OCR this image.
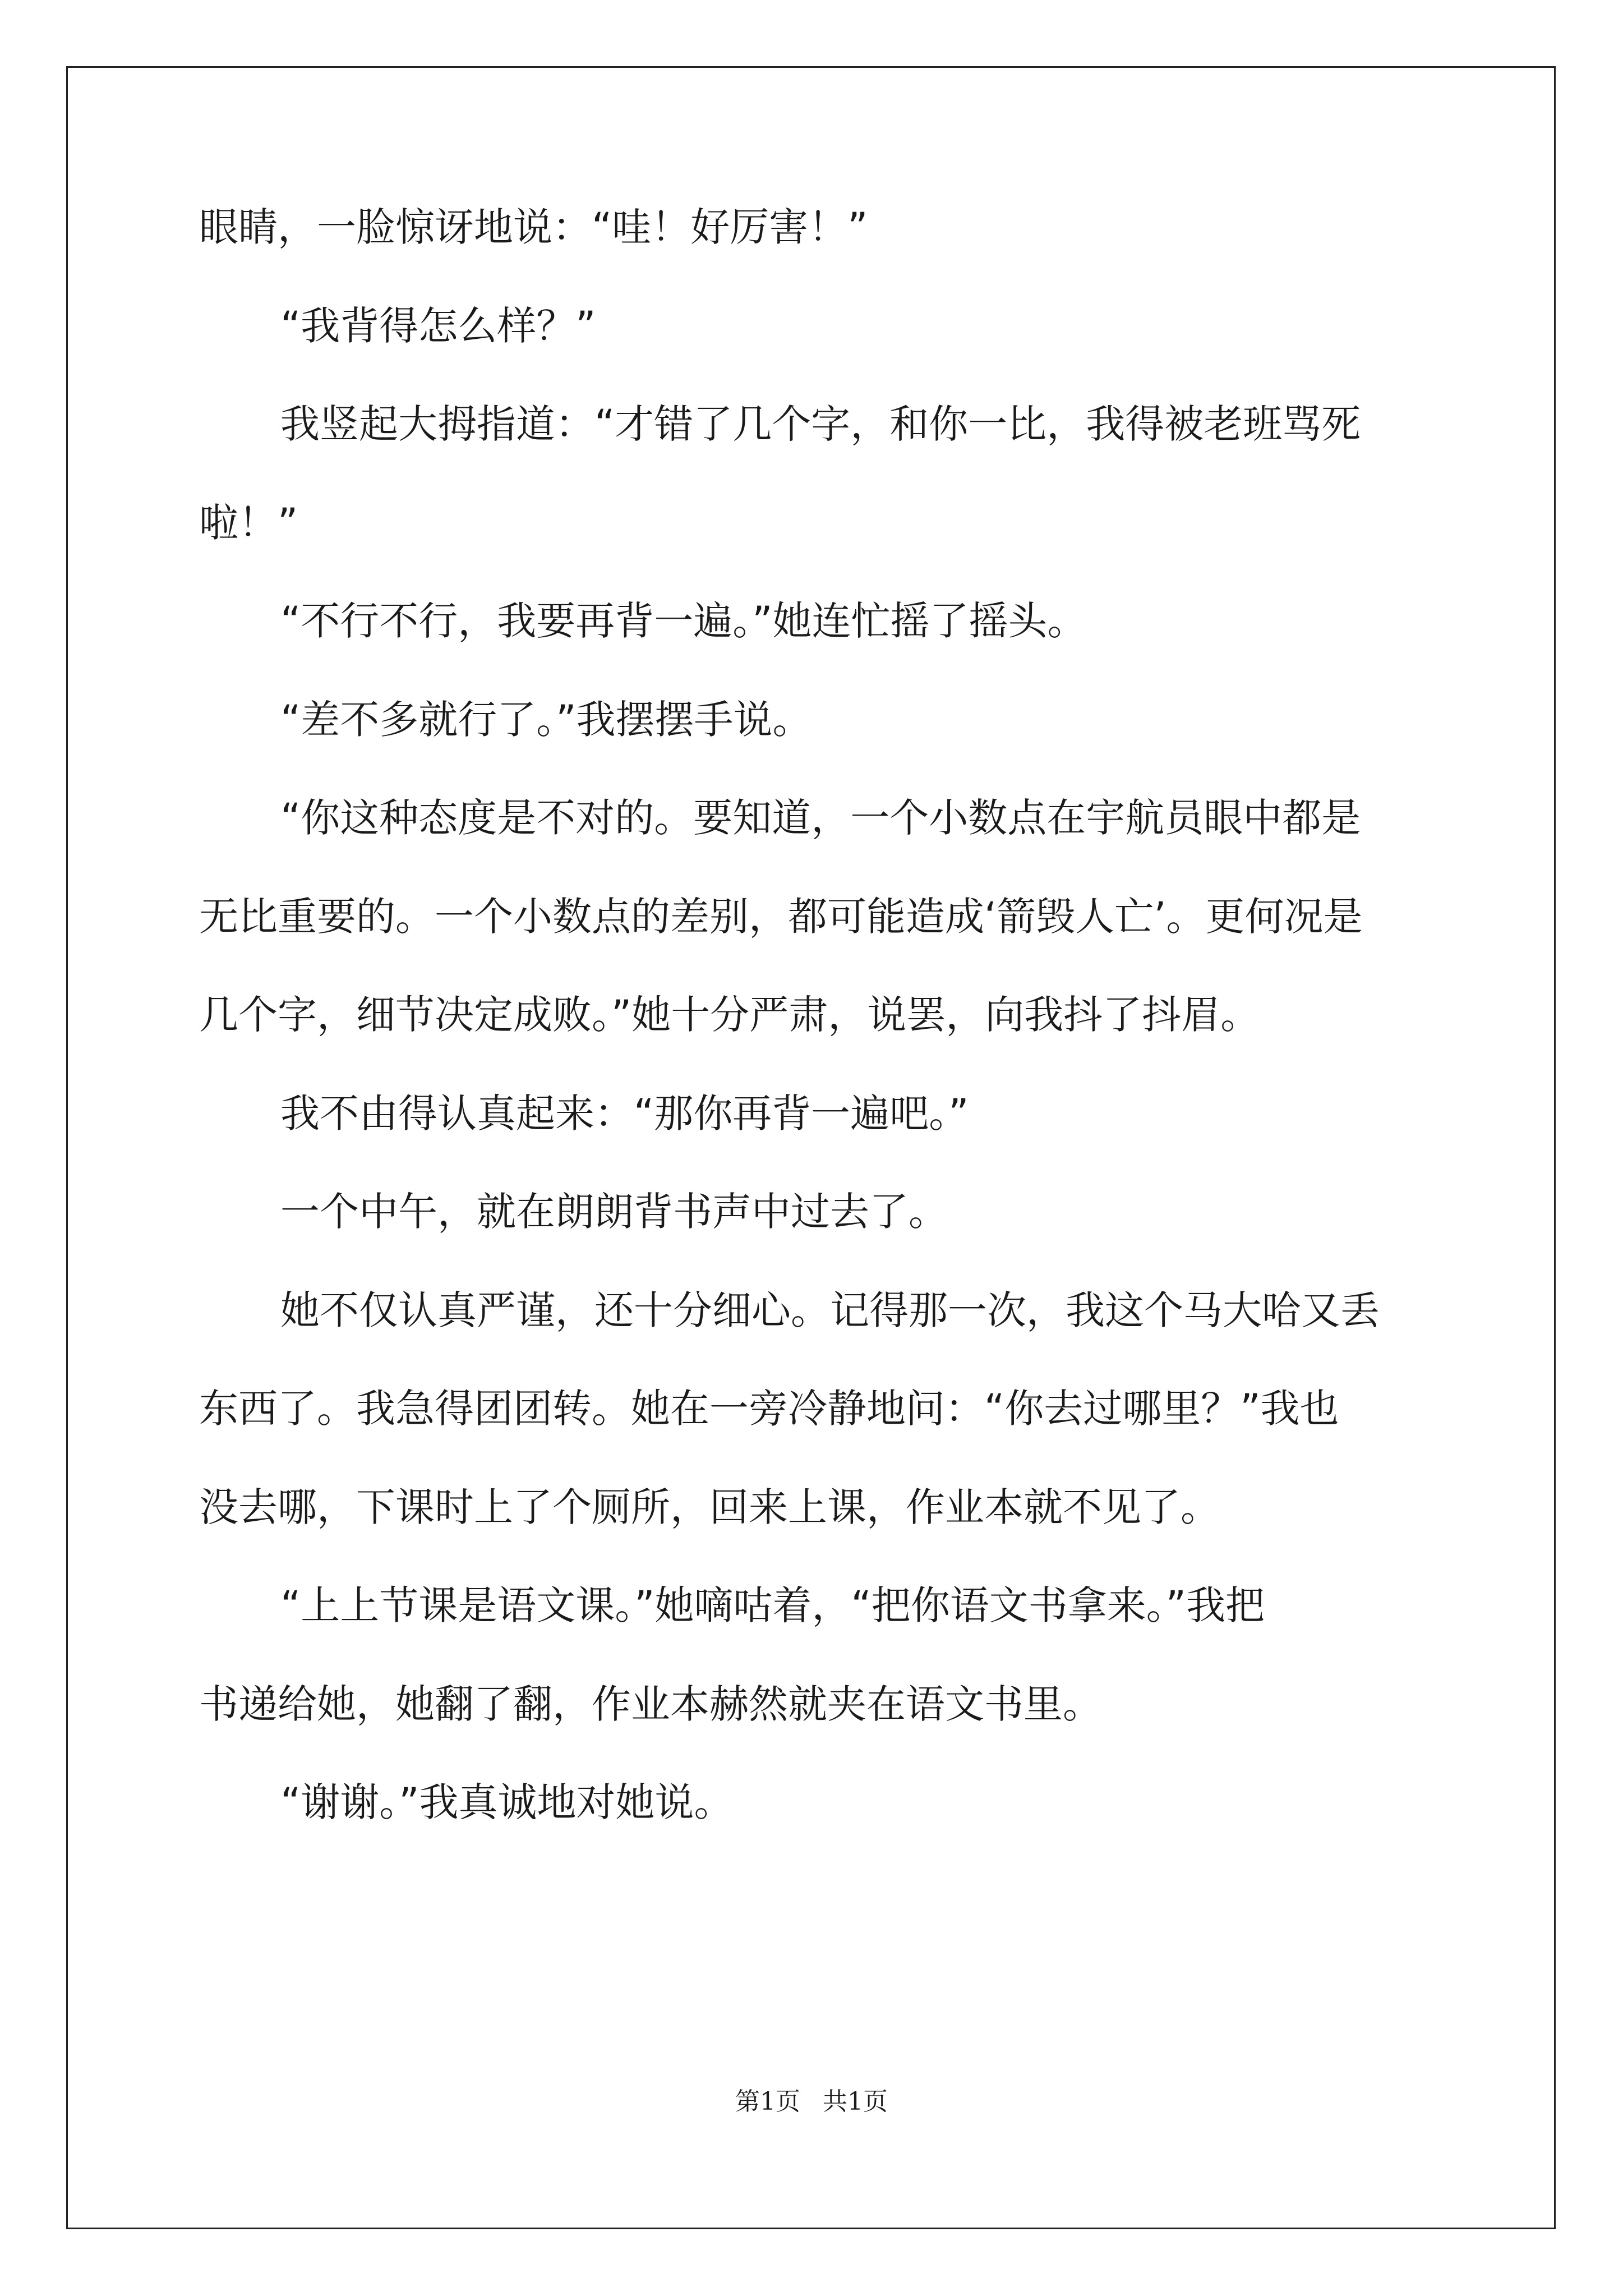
眼睛，一脸惊讶地说：“哇！好厉害！”
“我背得怎么样？”
我竖起大拇指道：“才错了几个字，和你一比，我得被老班骂死
啦！”
“不行不行，我要再背一遍。”她连忙摇了摇头。
“差不多就行了。”我摆摆手说。
“你这种态度是不对的。要知道，一个小数点在宇航员眼中都是
无比重要的。一个小数点的差别，都可能造成‘箭毁人亡’。更何况是
几个字，细节决定成败。”她十分严肃，说罢，向我抖了抖眉。
我不由得认真起来：“那你再背一遍吧。”
一个中午，就在朗朗背书声中过去了。
她不仅认真严谨，还十分细心。记得那一次，我这个马大哈又丢
东西了。我急得团团转。她在一旁冷静地问：“你去过哪里？”我也
没去哪，下课时上了个厕所，回来上课，作业本就不见了。
“上上节课是语文课。”她嘀咕着，“把你语文书拿来。”我把
书递给她，她翻了翻，作业本赫然就夹在语文书里。
“谢谢。”我真诚地对她说。
第1页 共1页
